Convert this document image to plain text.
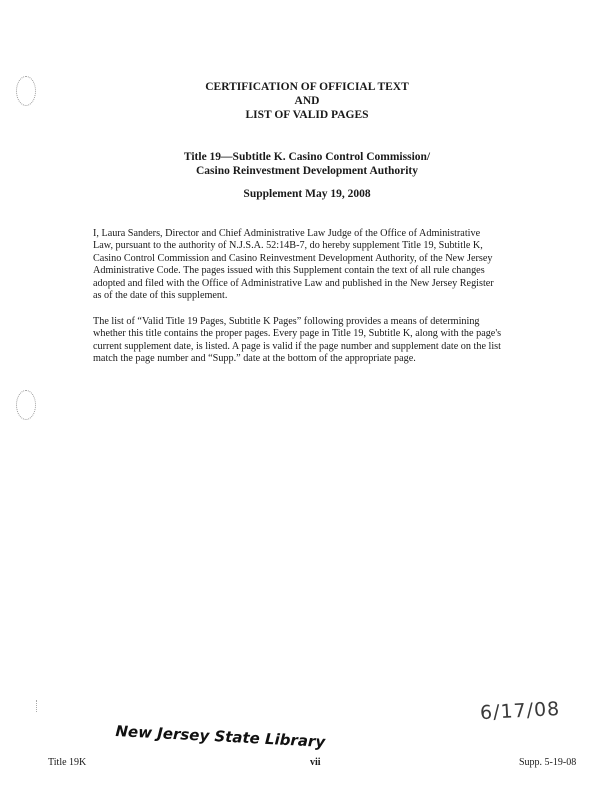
CERTIFICATION OF OFFICIAL TEXT
AND
LIST OF VALID PAGES
Title 19—Subtitle K. Casino Control Commission/
Casino Reinvestment Development Authority
Supplement May 19, 2008
I, Laura Sanders, Director and Chief Administrative Law Judge of the Office of Administrative
Law, pursuant to the authority of N.J.S.A. 52:14B-7, do hereby supplement Title 19, Subtitle K,
Casino Control Commission and Casino Reinvestment Development Authority, of the New Jersey
Administrative Code. The pages issued with this Supplement contain the text of all rule changes
adopted and filed with the Office of Administrative Law and published in the New Jersey Register
as of the date of this supplement.
The list of “Valid Title 19 Pages, Subtitle K Pages” following provides a means of determining
whether this title contains the proper pages. Every page in Title 19, Subtitle K, along with the page's
current supplement date, is listed. A page is valid if the page number and supplement date on the list
match the page number and “Supp.” date at the bottom of the appropriate page.
6/17/08
New Jersey State Library
Title 19K	vii	Supp. 5-19-08
